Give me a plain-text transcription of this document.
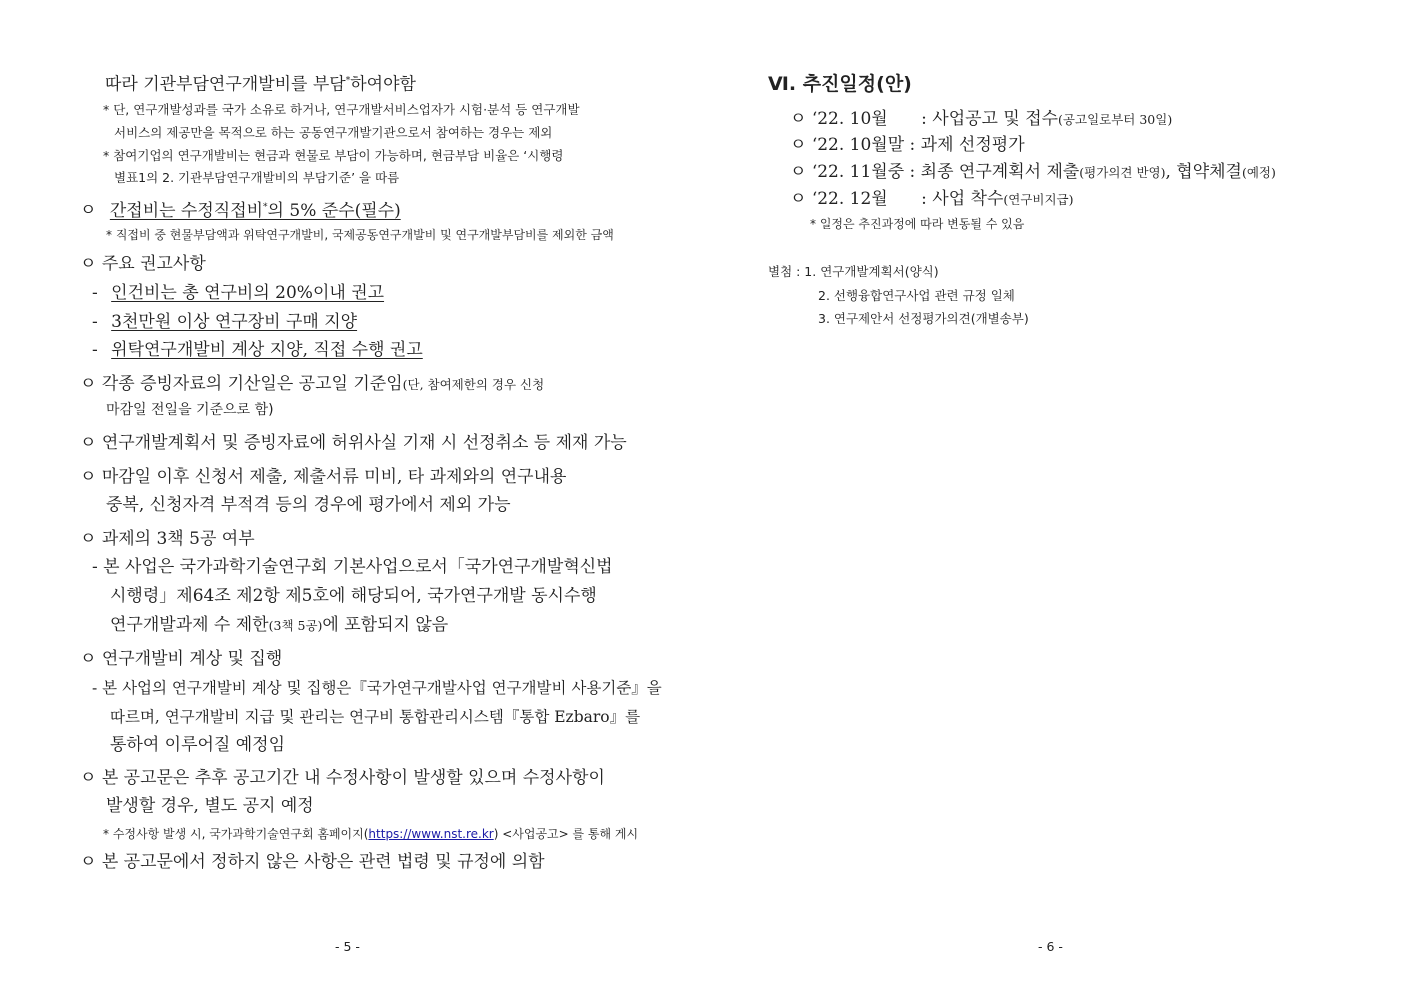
따라 기관부담연구개발비를 부담*하여야함
* 단, 연구개발성과를 국가 소유로 하거나, 연구개발서비스업자가 시험·분석 등 연구개발
서비스의 제공만을 목적으로 하는 공동연구개발기관으로서 참여하는 경우는 제외
* 참여기업의 연구개발비는 현금과 현물로 부담이 가능하며, 현금부담 비율은 ‘시행령
별표1의 2. 기관부담연구개발비의 부담기준’ 을 따름
ㅇ 간접비는 수정직접비*의 5% 준수(필수)
* 직접비 중 현물부담액과 위탁연구개발비, 국제공동연구개발비 및 연구개발부담비를 제외한 금액
ㅇ 주요 권고사항
- 인건비는 총 연구비의 20%이내 권고
- 3천만원 이상 연구장비 구매 지양
- 위탁연구개발비 계상 지양, 직접 수행 권고
ㅇ 각종 증빙자료의 기산일은 공고일 기준임(단, 참여제한의 경우 신청
마감일 전일을 기준으로 함)
ㅇ 연구개발계획서 및 증빙자료에 허위사실 기재 시 선정취소 등 제재 가능
ㅇ 마감일 이후 신청서 제출, 제출서류 미비, 타 과제와의 연구내용
중복, 신청자격 부적격 등의 경우에 평가에서 제외 가능
ㅇ 과제의 3책 5공 여부
- 본 사업은 국가과학기술연구회 기본사업으로서「국가연구개발혁신법
시행령」제64조 제2항 제5호에 해당되어, 국가연구개발 동시수행
연구개발과제 수 제한(3책 5공)에 포함되지 않음
ㅇ 연구개발비 계상 및 집행
- 본 사업의 연구개발비 계상 및 집행은『국가연구개발사업 연구개발비 사용기준』을
따르며, 연구개발비 지급 및 관리는 연구비 통합관리시스템『통합 Ezbaro』를
통하여 이루어질 예정임
ㅇ 본 공고문은 추후 공고기간 내 수정사항이 발생할 있으며 수정사항이
발생할 경우, 별도 공지 예정
* 수정사항 발생 시, 국가과학기술연구회 홈페이지(https://www.nst.re.kr) <사업공고> 를 통해 게시
ㅇ 본 공고문에서 정하지 않은 사항은 관련 법령 및 규정에 의함
- 5 -
Ⅵ. 추진일정(안)
ㅇ ‘22. 10월 : 사업공고 및 접수(공고일로부터 30일)
ㅇ ‘22. 10월말 : 과제 선정평가
ㅇ ‘22. 11월중 : 최종 연구계획서 제출(평가의견 반영), 협약체결(예정)
ㅇ ‘22. 12월 : 사업 착수(연구비지급)
* 일정은 추진과정에 따라 변동될 수 있음
별첨 : 1. 연구개발계획서(양식)
2. 선행융합연구사업 관련 규정 일체
3. 연구제안서 선정평가의견(개별송부)
- 6 -
